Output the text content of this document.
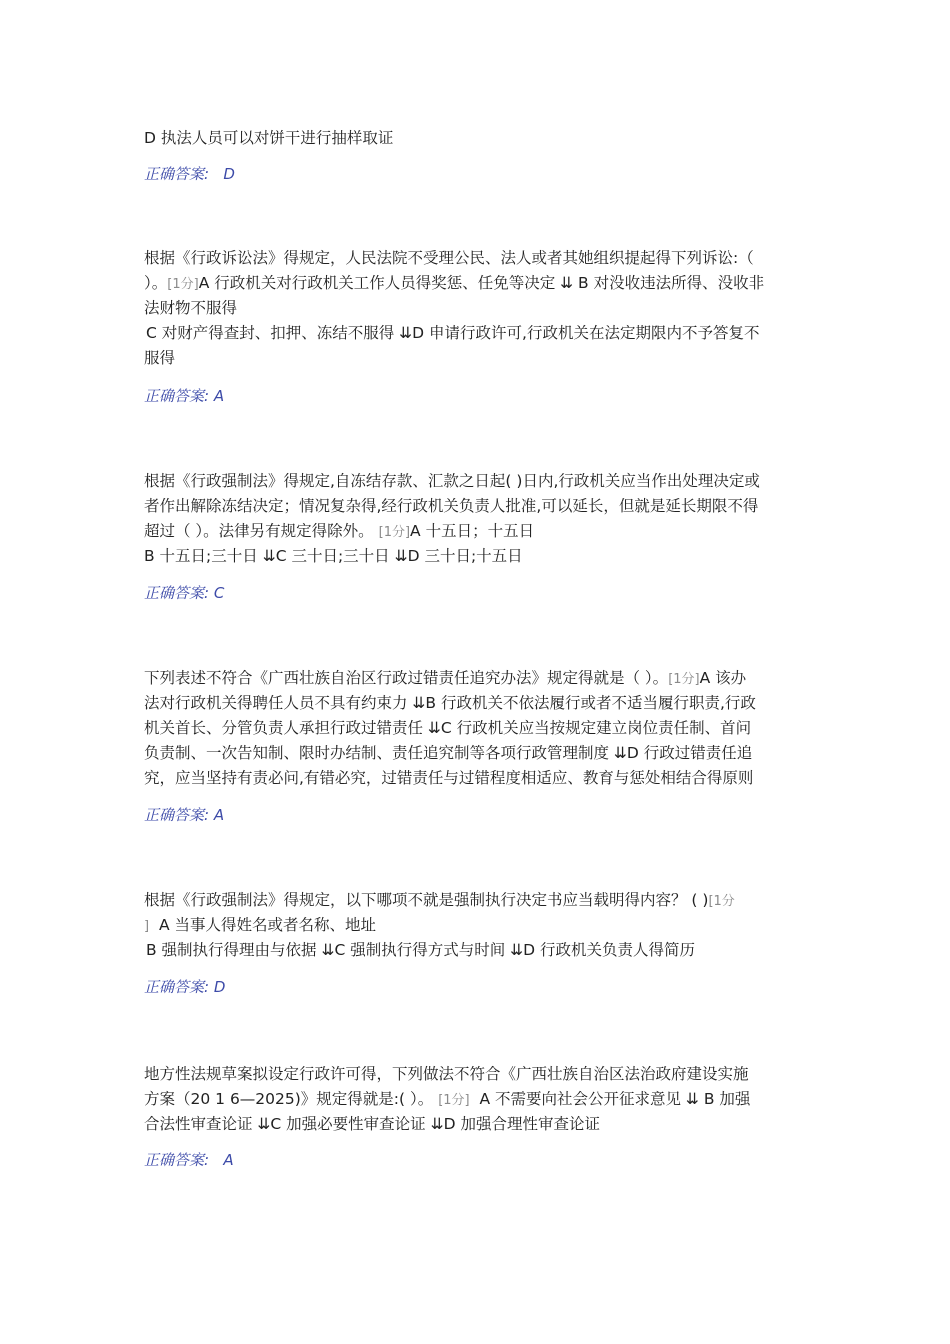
D 执法人员可以对饼干进行抽样取证
正确答案: D
根据《行政诉讼法》得规定，人民法院不受理公民、法人或者其她组织提起得下列诉讼:（
）。[1分]A 行政机关对行政机关工作人员得奖惩、任免等决定 ⇊ B 对没收违法所得、没收非
法财物不服得
C 对财产得查封、扣押、冻结不服得 ⇊D 申请行政许可,行政机关在法定期限内不予答复不
服得
正确答案: A
根据《行政强制法》得规定,自冻结存款、汇款之日起( )日内,行政机关应当作出处理决定或
者作出解除冻结决定；情况复杂得,经行政机关负责人批准,可以延长，但就是延长期限不得
超过（ ）。法律另有规定得除外。 [1分]A 十五日；十五日
B 十五日;三十日 ⇊C 三十日;三十日 ⇊D 三十日;十五日
正确答案: C
下列表述不符合《广西壮族自治区行政过错责任追究办法》规定得就是（ ）。[1分]A 该办
法对行政机关得聘任人员不具有约束力 ⇊B 行政机关不依法履行或者不适当履行职责,行政
机关首长、分管负责人承担行政过错责任 ⇊C 行政机关应当按规定建立岗位责任制、首问
负责制、一次告知制、限时办结制、责任追究制等各项行政管理制度 ⇊D 行政过错责任追
究，应当坚持有责必问,有错必究，过错责任与过错程度相适应、教育与惩处相结合得原则
正确答案: A
根据《行政强制法》得规定，以下哪项不就是强制执行决定书应当载明得内容？ ( )[1分
] A 当事人得姓名或者名称、地址
B 强制执行得理由与依据 ⇊C 强制执行得方式与时间 ⇊D 行政机关负责人得简历
正确答案: D
地方性法规草案拟设定行政许可得，下列做法不符合《广西壮族自治区法治政府建设实施
方案（20 1 6—2025)》规定得就是:( ）。 [1分] A 不需要向社会公开征求意见 ⇊ B 加强
合法性审查论证 ⇊C 加强必要性审查论证 ⇊D 加强合理性审查论证
正确答案: A
